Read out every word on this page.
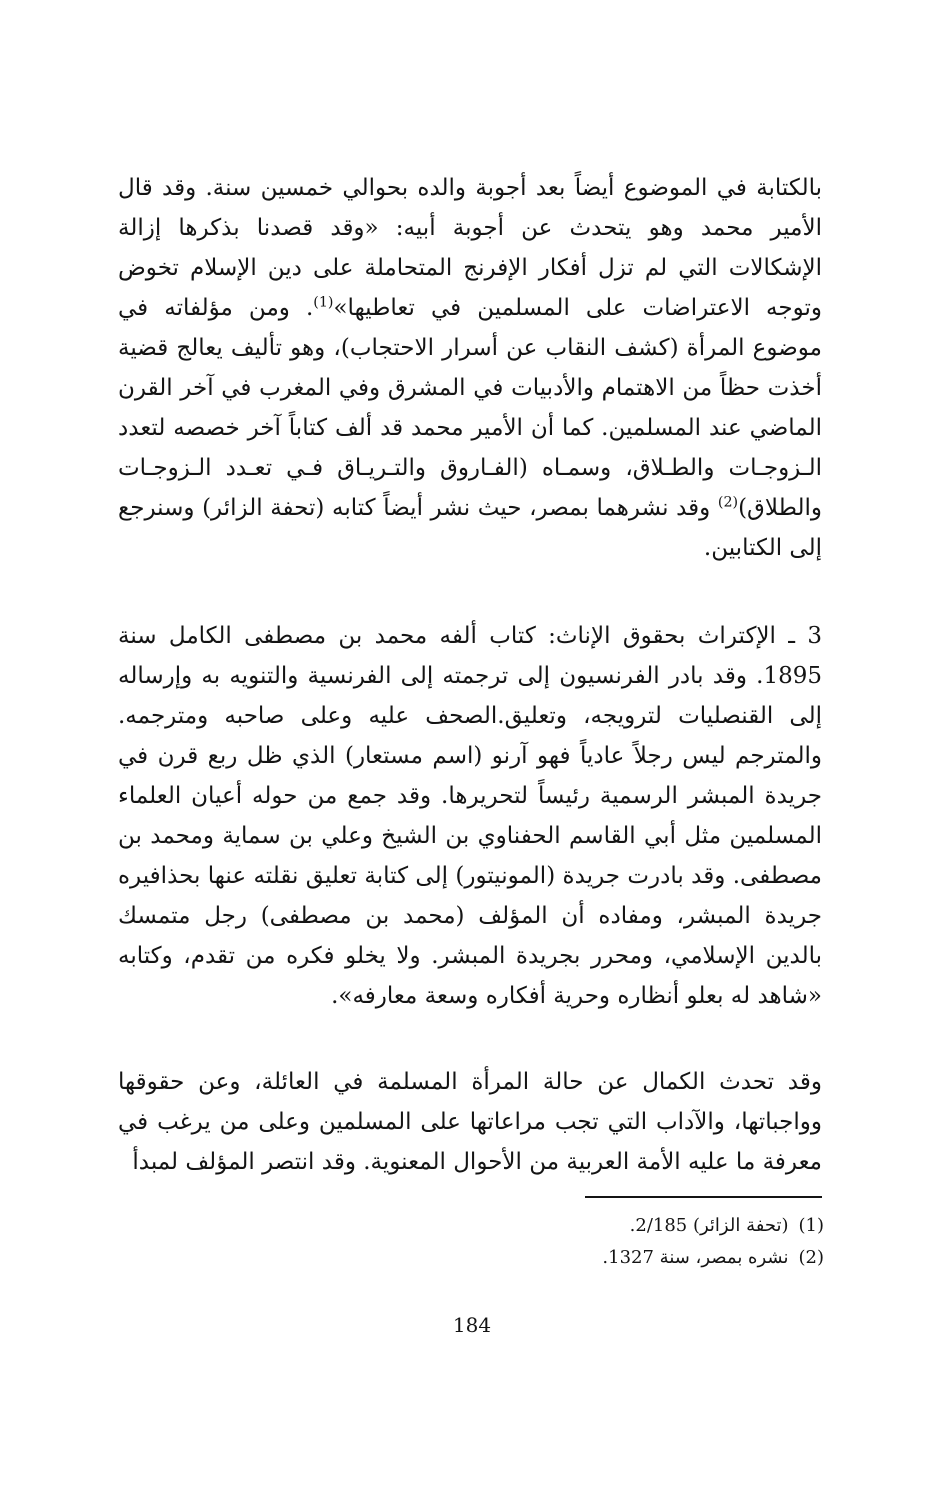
بالكتابة في الموضوع أيضاً بعد أجوبة والده بحوالي خمسين سنة. وقد قال الأمير محمد وهو يتحدث عن أجوبة أبيه: «وقد قصدنا بذكرها إزالة الإشكالات التي لم تزل أفكار الإفرنج المتحاملة على دين الإسلام تخوض وتوجه الاعتراضات على المسلمين في تعاطيها»$^{(1)}$. ومن مؤلفاته في موضوع المرأة (كشف النقاب عن أسرار الاحتجاب)، وهو تأليف يعالج قضية أخذت حظاً من الاهتمام والأدبيات في المشرق وفي المغرب في آخر القرن الماضي عند المسلمين. كما أن الأمير محمد قد ألف كتاباً آخر خصصه لتعدد الـزوجـات والطـلاق، وسمـاه (الفـاروق والتـريـاق فـي تعـدد الـزوجـات والطلاق)$^{(2)}$ وقد نشرهما بمصر، حيث نشر أيضاً كتابه (تحفة الزائر) وسنرجع إلى الكتابين.

3 ـ الإكتراث بحقوق الإناث: كتاب ألفه محمد بن مصطفى الكامل سنة 1895. وقد بادر الفرنسيون إلى ترجمته إلى الفرنسية والتنويه به وإرساله إلى القنصليات لترويجه، وتعليق.الصحف عليه وعلى صاحبه ومترجمه. والمترجم ليس رجلاً عادياً فهو آرنو (اسم مستعار) الذي ظل ربع قرن في جريدة المبشر الرسمية رئيساً لتحريرها. وقد جمع من حوله أعيان العلماء المسلمين مثل أبي القاسم الحفناوي بن الشيخ وعلي بن سماية ومحمد بن مصطفى. وقد بادرت جريدة (المونيتور) إلى كتابة تعليق نقلته عنها بحذافيره جريدة المبشر، ومفاده أن المؤلف (محمد بن مصطفى) رجل متمسك بالدين الإسلامي، ومحرر بجريدة المبشر. ولا يخلو فكره من تقدم، وكتابه «شاهد له بعلو أنظاره وحرية أفكاره وسعة معارفه».

وقد تحدث الكمال عن حالة المرأة المسلمة في العائلة، وعن حقوقها وواجباتها، والآداب التي تجب مراعاتها على المسلمين وعلى من يرغب في معرفة ما عليه الأمة العربية من الأحوال المعنوية. وقد انتصر المؤلف لمبدأ

(1)(تحفة الزائر) 2/185.
(2)نشره بمصر، سنة 1327.
184
